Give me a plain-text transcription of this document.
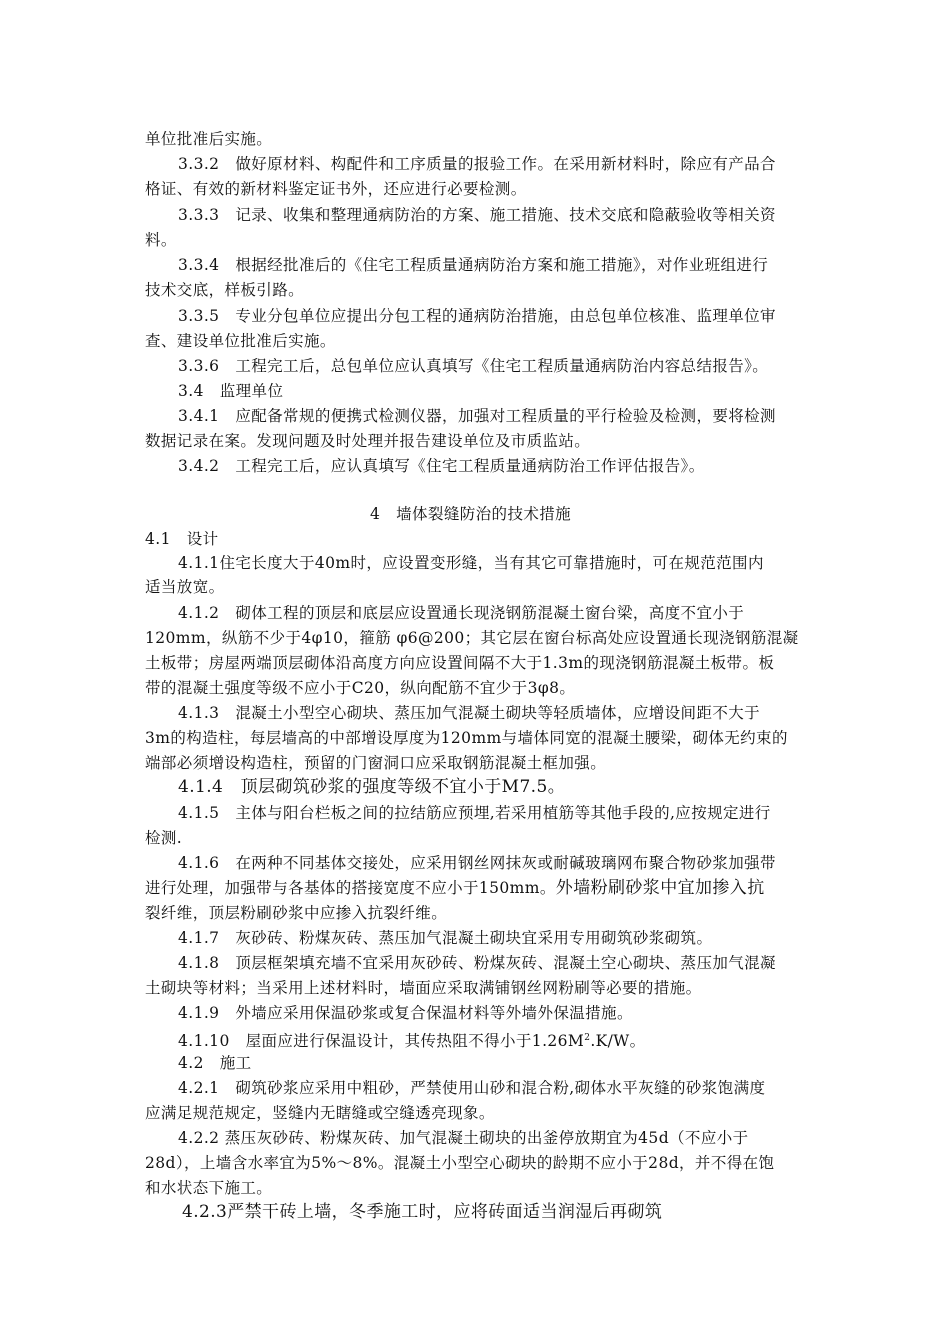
单位批准后实施。
3.3.2　做好原材料、构配件和工序质量的报验工作。在采用新材料时，除应有产品合
格证、有效的新材料鉴定证书外，还应进行必要检测。
3.3.3　记录、收集和整理通病防治的方案、施工措施、技术交底和隐蔽验收等相关资
料。
3.3.4　根据经批准后的《住宅工程质量通病防治方案和施工措施》，对作业班组进行
技术交底，样板引路。
3.3.5　专业分包单位应提出分包工程的通病防治措施，由总包单位核准、监理单位审
查、建设单位批准后实施。
3.3.6　工程完工后，总包单位应认真填写《住宅工程质量通病防治内容总结报告》。
3.4　监理单位
3.4.1　应配备常规的便携式检测仪器，加强对工程质量的平行检验及检测，要将检测
数据记录在案。发现问题及时处理并报告建设单位及市质监站。
3.4.2　工程完工后，应认真填写《住宅工程质量通病防治工作评估报告》。
4　墙体裂缝防治的技术措施
4.1　设计
4.1.1住宅长度大于40m时，应设置变形缝，当有其它可靠措施时，可在规范范围内
适当放宽。
4.1.2　砌体工程的顶层和底层应设置通长现浇钢筋混凝土窗台梁，高度不宜小于
120mm，纵筋不少于4φ10，箍筋 φ6@200；其它层在窗台标高处应设置通长现浇钢筋混凝
土板带；房屋两端顶层砌体沿高度方向应设置间隔不大于1.3m的现浇钢筋混凝土板带。板
带的混凝土强度等级不应小于C20，纵向配筋不宜少于3φ8。
4.1.3　混凝土小型空心砌块、蒸压加气混凝土砌块等轻质墙体，应增设间距不大于
3m的构造柱，每层墙高的中部增设厚度为120mm与墙体同宽的混凝土腰梁，砌体无约束的
端部必须增设构造柱，预留的门窗洞口应采取钢筋混凝土框加强。
4.1.4　顶层砌筑砂浆的强度等级不宜小于M7.5。
4.1.5　主体与阳台栏板之间的拉结筋应预埋,若采用植筋等其他手段的,应按规定进行
检测.
4.1.6　在两种不同基体交接处，应采用钢丝网抹灰或耐碱玻璃网布聚合物砂浆加强带
进行处理，加强带与各基体的搭接宽度不应小于150mm。外墙粉刷砂浆中宜加掺入抗
裂纤维，顶层粉刷砂浆中应掺入抗裂纤维。
4.1.7　灰砂砖、粉煤灰砖、蒸压加气混凝土砌块宜采用专用砌筑砂浆砌筑。
4.1.8　顶层框架填充墙不宜采用灰砂砖、粉煤灰砖、混凝土空心砌块、蒸压加气混凝
土砌块等材料；当采用上述材料时，墙面应采取满铺钢丝网粉刷等必要的措施。
4.1.9　外墙应采用保温砂浆或复合保温材料等外墙外保温措施。
4.1.10　屋面应进行保温设计，其传热阻不得小于$1.26M^2.K/W$。
4.2　施工
4.2.1　砌筑砂浆应采用中粗砂，严禁使用山砂和混合粉,砌体水平灰缝的砂浆饱满度
应满足规范规定，竖缝内无瞎缝或空缝透亮现象。
4.2.2 蒸压灰砂砖、粉煤灰砖、加气混凝土砌块的出釜停放期宜为45d（不应小于
28d），上墙含水率宜为5%～8%。混凝土小型空心砌块的龄期不应小于28d，并不得在饱
和水状态下施工。
4.2.3严禁干砖上墙，冬季施工时，应将砖面适当润湿后再砌筑
